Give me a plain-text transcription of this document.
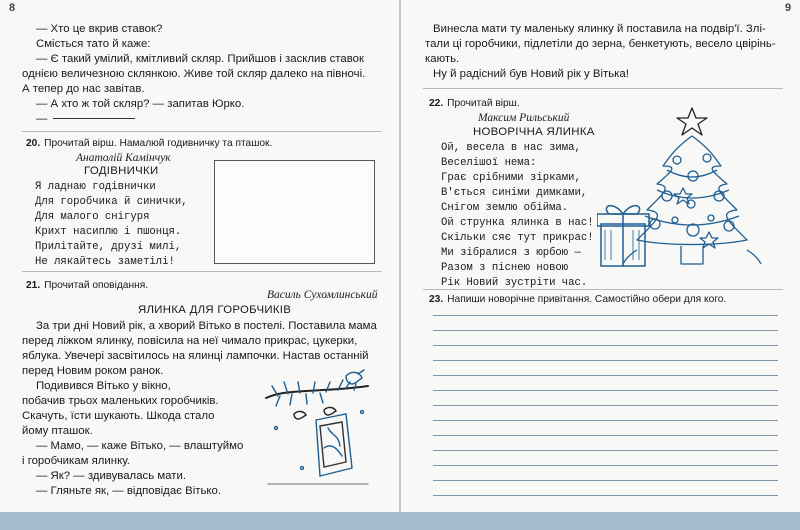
8
— Хто це вкрив ставок?
Смісться тато й каже:
— Є такий умілий, кмітливий скляр. Прийшов і засклив ставок
однією величезною склянкою. Живе той скляр далеко на півночі.
А тепер до нас завітав.
— А хто ж той скляр? — запитав Юрко.
—
20. Прочитай вірш. Намалюй годивничку та пташок.
Анатолій Камінчук
ГОДІВНИЧКИ
Я ладнаю годівнички
Для горобчика й синички,
Для малого снігуря
Крихт насиплю і пшонця.
Прилітайте, друзі милі,
Не лякайтесь заметілі!
21. Прочитай оповідання.
Василь Сухомлинський
ЯЛИНКА ДЛЯ ГОРОБЧИКІВ
За три дні Новий рік, а хворий Вітько в постелі. Поставила мама
перед ліжком ялинку, повісила на неї чимало прикрас, цукерки,
яблука. Увечері засвітилось на ялинці лампочки. Настав останній
перед Новим роком ранок.
Подивився Вітько у вікно,
побачив трьох маленьких горобчиків.
Скачуть, їсти шукають. Шкода стало
йому пташок.
— Мамо, — каже Вітько, — влаштуймо
і горобчикам ялинку.
— Як? — здивувалась мати.
— Гляньте як, — відповідає Вітько.
9
Винесла мати тy маленьку ялинку й поставила на подвір'ї. Злі-
тали ці горобчики, підлетіли до зерна, бенкетують, весело цвірінь-
кають.
Ну й радісний був Новий рік у Вітька!
22. Прочитай вірш.
Максим Рильський
НОВОРІЧНА ЯЛИНКА
Ой, весела в нас зима,
Веселішої нема:
Грає срібними зірками,
В'ється синіми димками,
Снігом землю обійма.
Ой струнка ялинка в нас!
Скільки сяє тут прикрас!
Ми зібралися з юрбою —
Разом з піснею новою
Рік Новий зустріти час.
23. Напиши новорічне привітання. Самостійно обери для кого.
